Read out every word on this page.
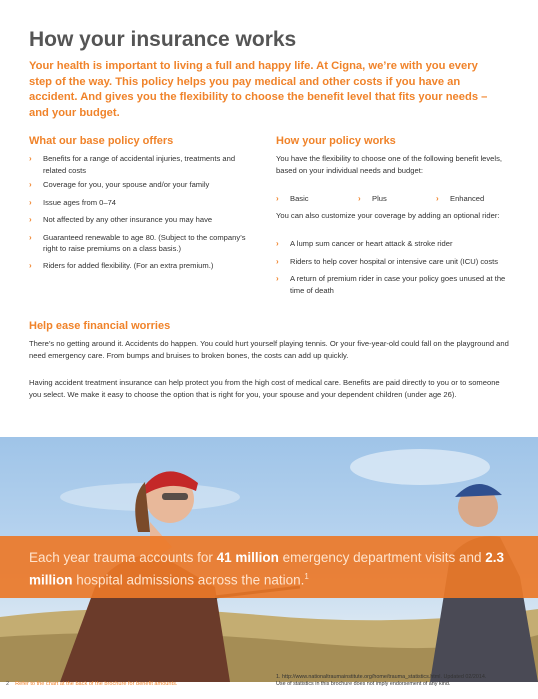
How your insurance works
Your health is important to living a full and happy life. At Cigna, we’re with you every step of the way. This policy helps you pay medical and other costs if you have an accident. And gives you the flexibility to choose the benefit level that fits your needs – and your budget.
What our base policy offers
› Benefits for a range of accidental injuries, treatments and related costs
› Coverage for you, your spouse and/or your family
› Issue ages from 0–74
› Not affected by any other insurance you may have
› Guaranteed renewable to age 80. (Subject to the company’s right to raise premiums on a class basis.)
› Riders for added flexibility. (For an extra premium.)
How your policy works
You have the flexibility to choose one of the following benefit levels, based on your individual needs and budget:
› Basic	› Plus	› Enhanced
You can also customize your coverage by adding an optional rider:
› A lump sum cancer or heart attack & stroke rider
› Riders to help cover hospital or intensive care unit (ICU) costs
› A return of premium rider in case your policy goes unused at the time of death
Help ease financial worries
There’s no getting around it. Accidents do happen. You could hurt yourself playing tennis. Or your five-year-old could fall on the playground and need emergency care. From bumps and bruises to broken bones, the costs can add up quickly.
Having accident treatment insurance can help protect you from the high cost of medical care. Benefits are paid directly to you or to someone you select. We make it easy to choose the option that is right for you, your spouse and your dependent children (under age 26).
Each year trauma accounts for 41 million emergency department visits and 2.3 million hospital admissions across the nation.$^1$
2 Refer to the chart at the back of the brochure for benefit amounts.
1. http://www.nationaltraumainstitute.org/home/trauma_statistics.html. Updated 02/2014.
Use of statistics in this brochure does not imply endorsement of any kind.
